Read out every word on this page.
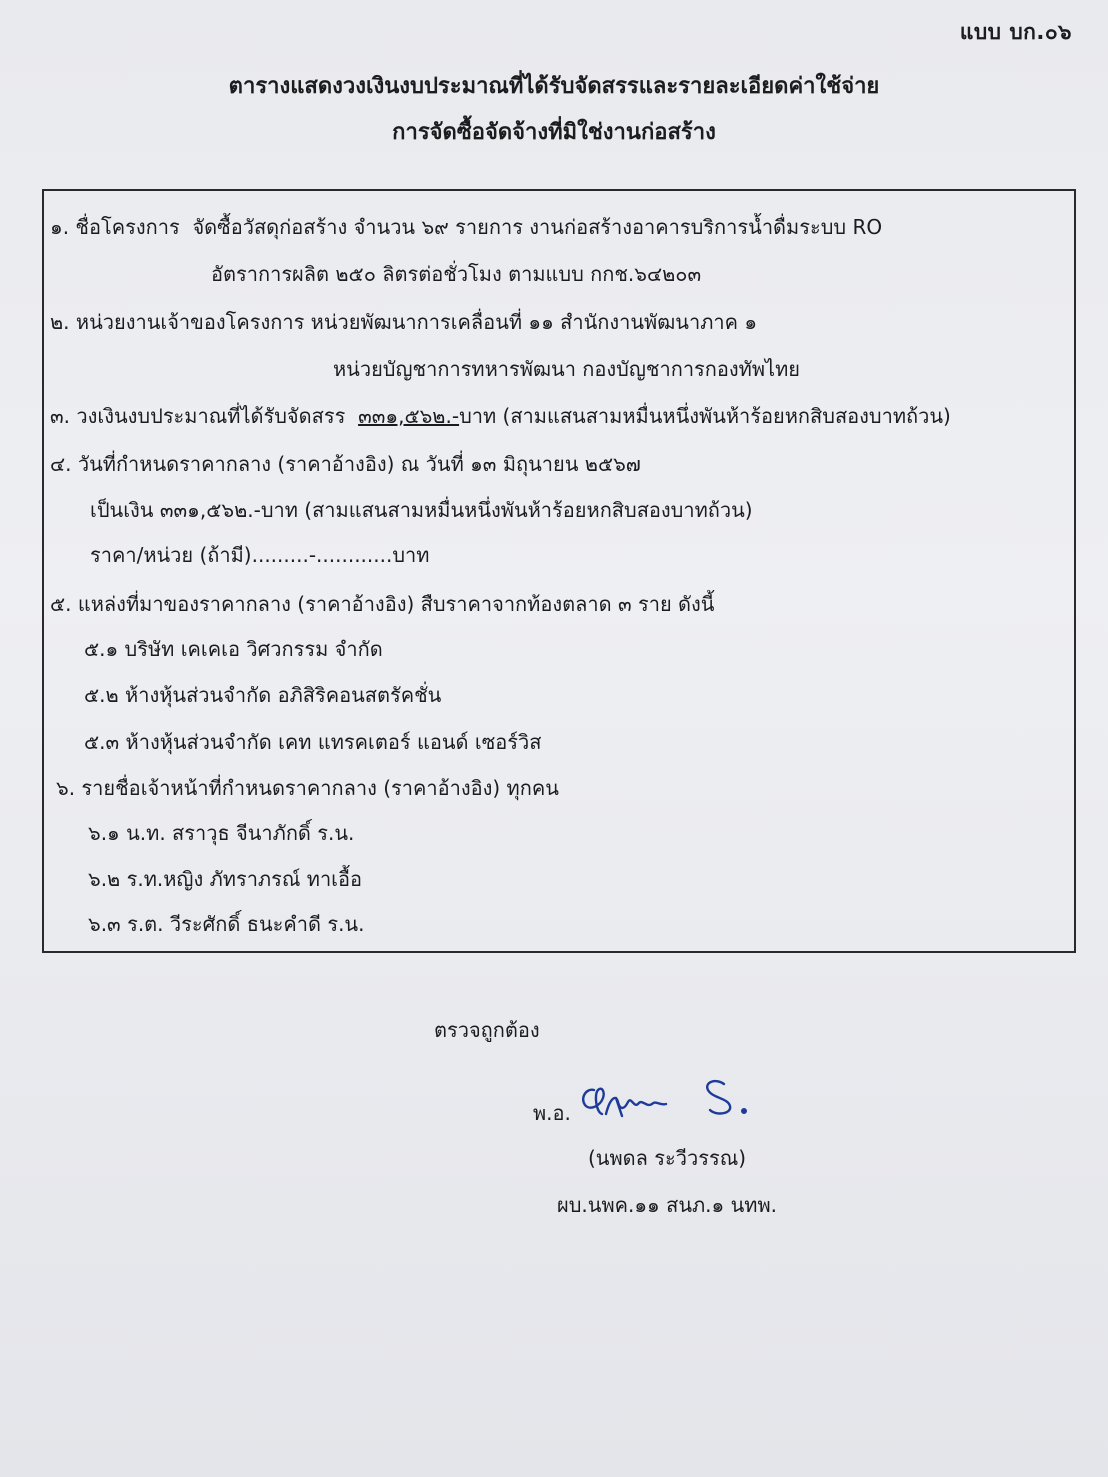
แบบ บก.๐๖
ตารางแสดงวงเงินงบประมาณที่ได้รับจัดสรรและรายละเอียดค่าใช้จ่าย
การจัดซื้อจัดจ้างที่มิใช่งานก่อสร้าง
๑. ชื่อโครงการ จัดซื้อวัสดุก่อสร้าง จำนวน ๖๙ รายการ งานก่อสร้างอาคารบริการน้ำดื่มระบบ RO
อัตราการผลิต ๒๕๐ ลิตรต่อชั่วโมง ตามแบบ กกช.๖๔๒๐๓
๒. หน่วยงานเจ้าของโครงการ หน่วยพัฒนาการเคลื่อนที่ ๑๑ สำนักงานพัฒนาภาค ๑
หน่วยบัญชาการทหารพัฒนา กองบัญชาการกองทัพไทย
๓. วงเงินงบประมาณที่ได้รับจัดสรร ๓๓๑,๕๖๒.-บาท (สามแสนสามหมื่นหนึ่งพันห้าร้อยหกสิบสองบาทถ้วน)
๔. วันที่กำหนดราคากลาง (ราคาอ้างอิง) ณ วันที่ ๑๓ มิถุนายน ๒๕๖๗
เป็นเงิน ๓๓๑,๕๖๒.-บาท (สามแสนสามหมื่นหนึ่งพันห้าร้อยหกสิบสองบาทถ้วน)
ราคา/หน่วย (ถ้ามี).........-............บาท
๕. แหล่งที่มาของราคากลาง (ราคาอ้างอิง) สืบราคาจากท้องตลาด ๓ ราย ดังนี้
๕.๑ บริษัท เคเคเอ วิศวกรรม จำกัด
๕.๒ ห้างหุ้นส่วนจำกัด อภิสิริคอนสตรัคชั่น
๕.๓ ห้างหุ้นส่วนจำกัด เคท แทรคเตอร์ แอนด์ เซอร์วิส
๖. รายชื่อเจ้าหน้าที่กำหนดราคากลาง (ราคาอ้างอิง) ทุกคน
๖.๑ น.ท. สราวุธ จีนาภักดิ์ ร.น.
๖.๒ ร.ท.หญิง ภัทราภรณ์ ทาเอื้อ
๖.๓ ร.ต. วีระศักดิ์ ธนะคำดี ร.น.
ตรวจถูกต้อง
พ.อ.
(นพดล ระวีวรรณ)
ผบ.นพค.๑๑ สนภ.๑ นทพ.
